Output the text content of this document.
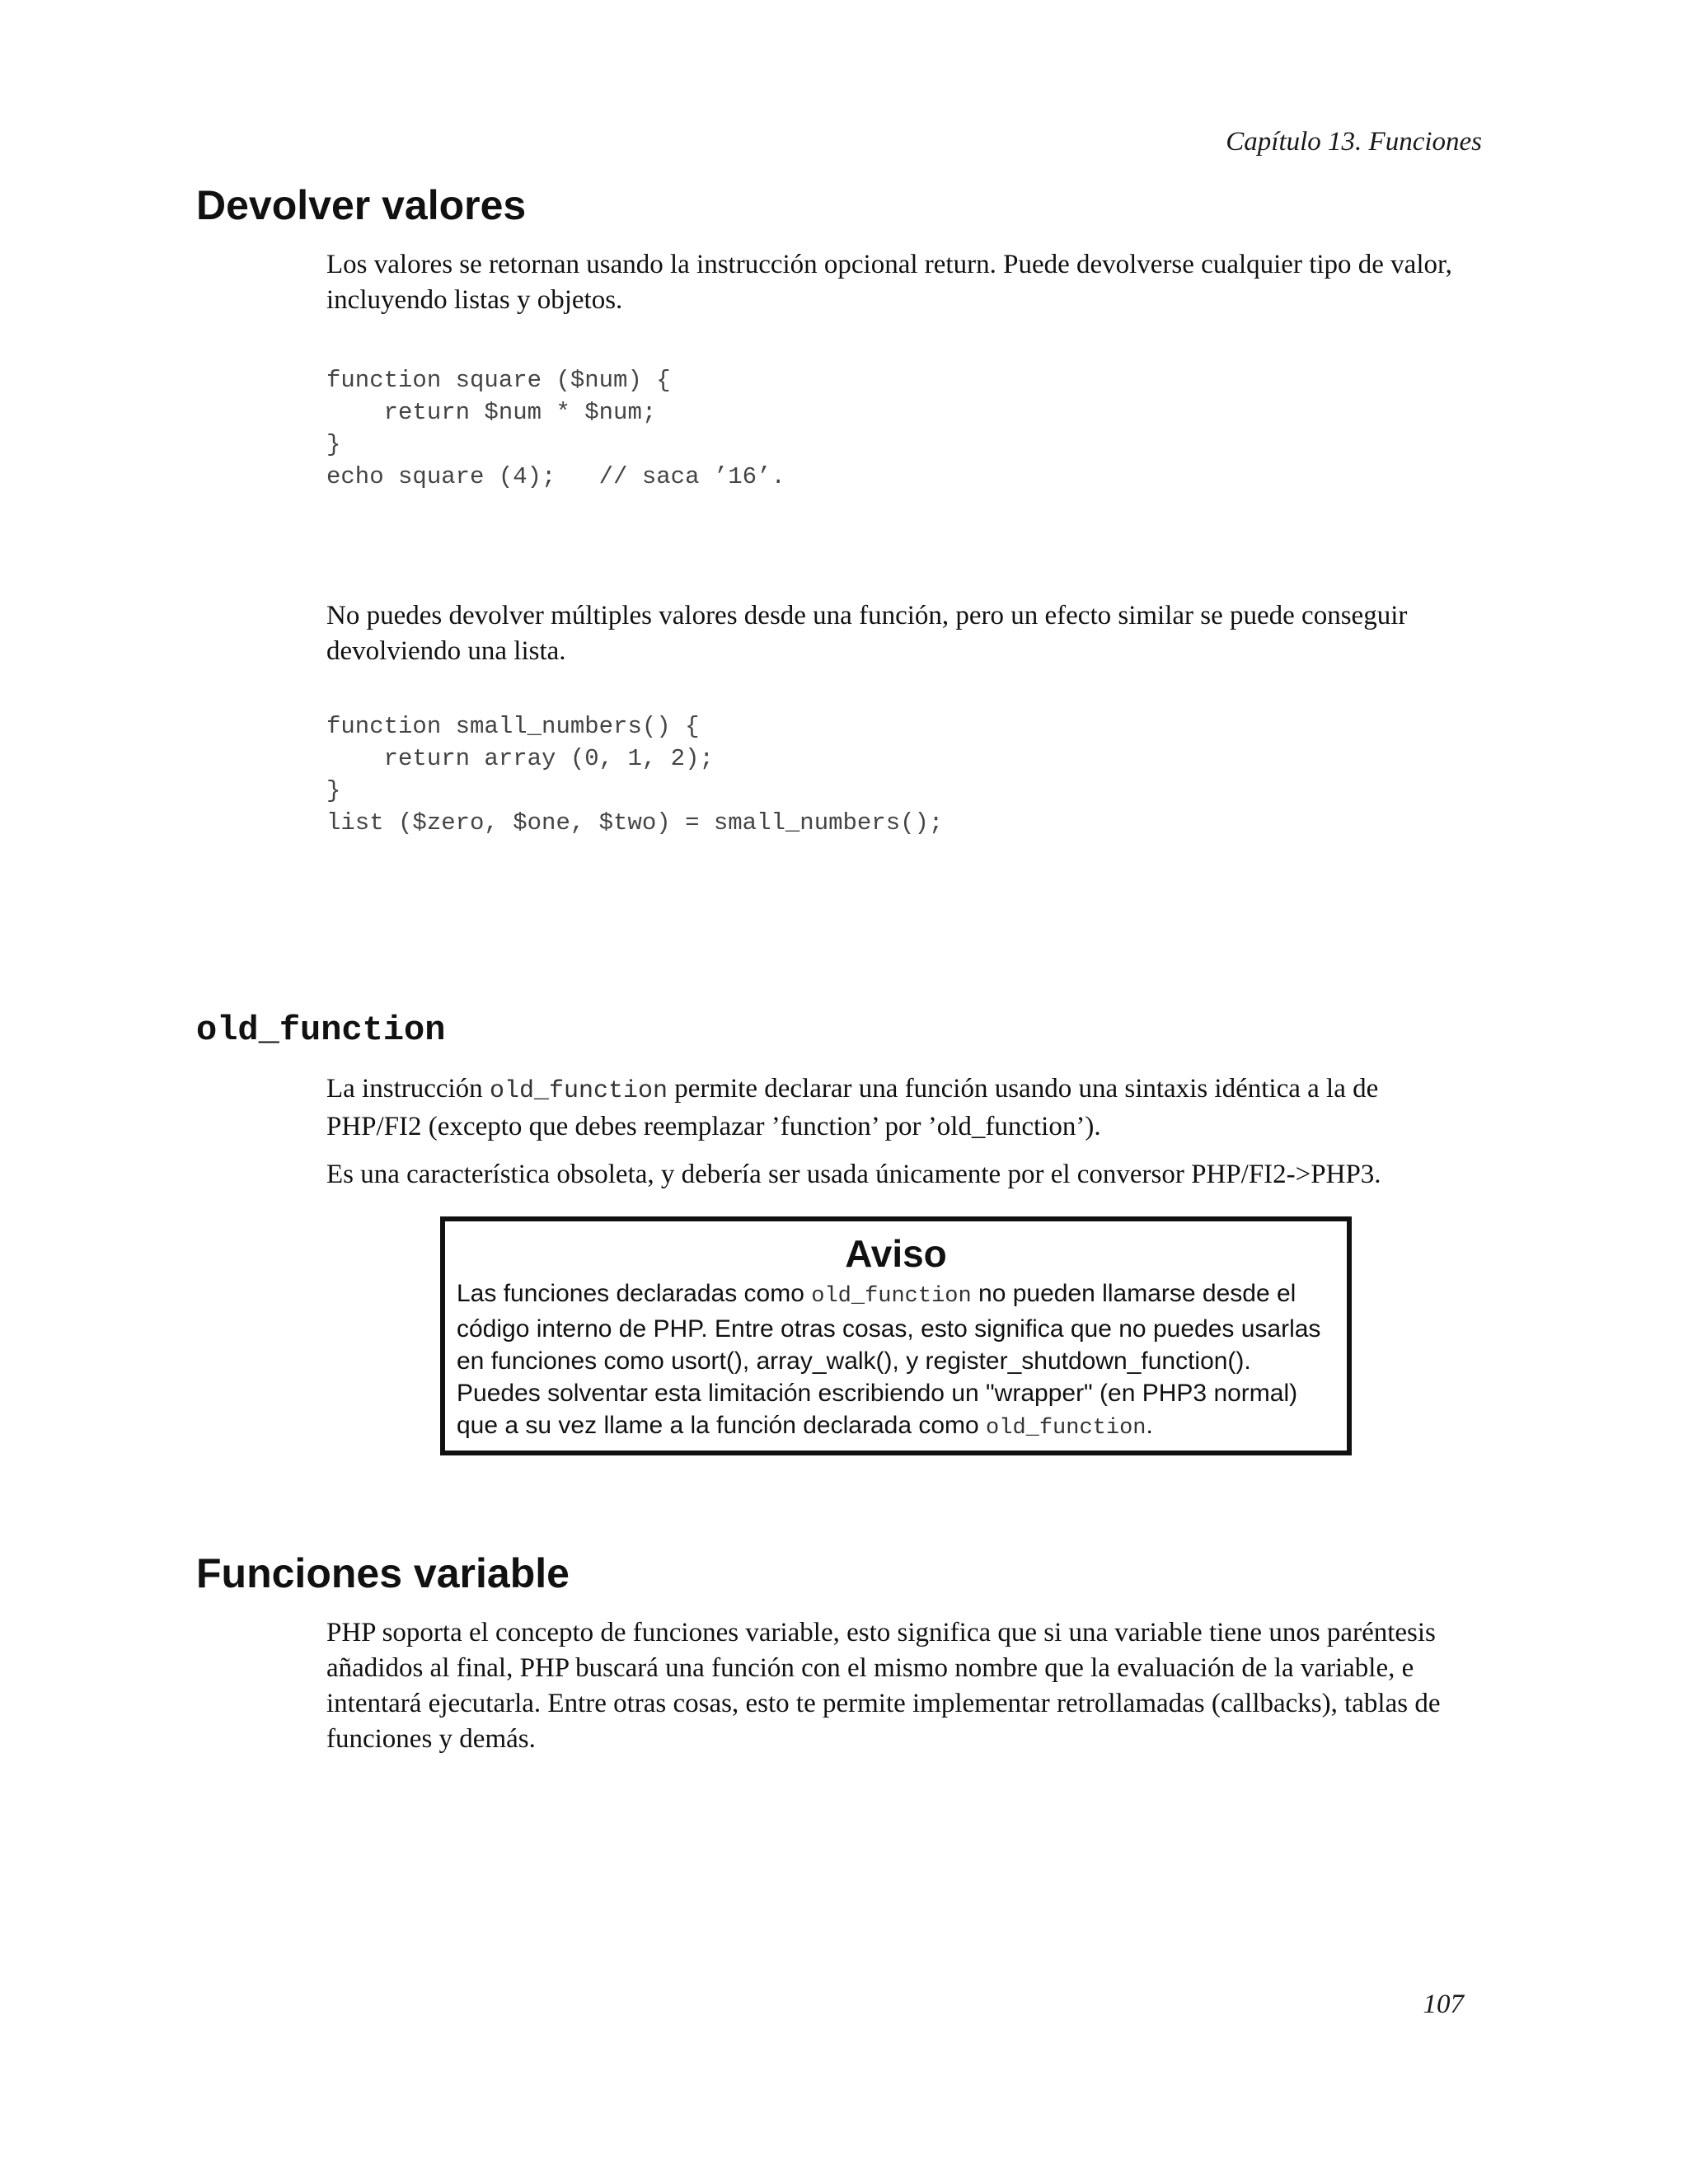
Capítulo 13. Funciones
Devolver valores

Los valores se retornan usando la instrucción opcional return. Puede devolverse cualquier tipo de valor, incluyendo listas y objetos.

function square ($num) {
return $num * $num;
}
echo square (4);   // saca ’16’.

No puedes devolver múltiples valores desde una función, pero un efecto similar se puede conseguir devolviendo una lista.

function small_numbers() {
return array (0, 1, 2);
}
list ($zero, $one, $two) = small_numbers();
old_function

La instrucción old_function permite declarar una función usando una sintaxis idéntica a la de PHP/FI2 (excepto que debes reemplazar ’function’ por ’old_function’).

Es una característica obsoleta, y debería ser usada únicamente por el conversor PHP/FI2->PHP3.

Aviso
Las funciones declaradas como old_function no pueden llamarse desde el código interno de PHP. Entre otras cosas, esto significa que no puedes usarlas en funciones como usort(), array_walk(), y register_shutdown_function(). Puedes solventar esta limitación escribiendo un "wrapper" (en PHP3 normal) que a su vez llame a la función declarada como old_function.
Funciones variable

PHP soporta el concepto de funciones variable, esto significa que si una variable tiene unos paréntesis añadidos al final, PHP buscará una función con el mismo nombre que la evaluación de la variable, e intentará ejecutarla. Entre otras cosas, esto te permite implementar retrollamadas (callbacks), tablas de funciones y demás.

107
